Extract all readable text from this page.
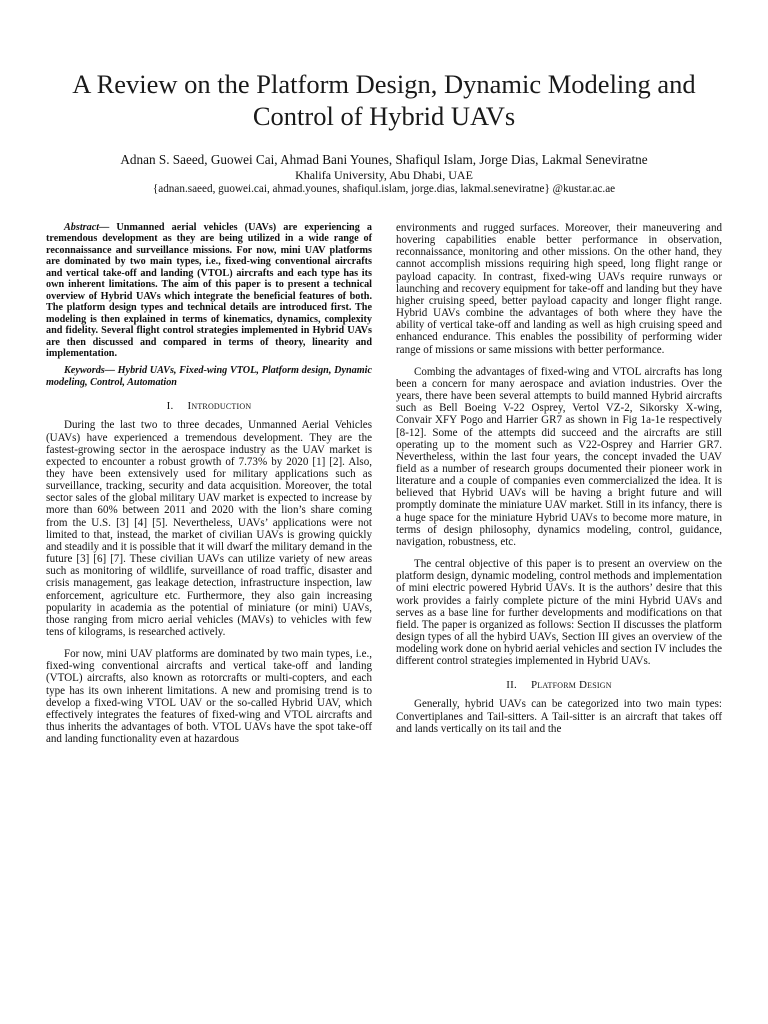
A Review on the Platform Design, Dynamic Modeling and Control of Hybrid UAVs
Adnan S. Saeed, Guowei Cai, Ahmad Bani Younes, Shafiqul Islam, Jorge Dias, Lakmal Seneviratne
Khalifa University, Abu Dhabi, UAE
{adnan.saeed, guowei.cai, ahmad.younes, shafiqul.islam, jorge.dias, lakmal.seneviratne} @kustar.ac.ae

Abstract— Unmanned aerial vehicles (UAVs) are experiencing a tremendous development as they are being utilized in a wide range of reconnaissance and surveillance missions. For now, mini UAV platforms are dominated by two main types, i.e., fixed-wing conventional aircrafts and vertical take-off and landing (VTOL) aircrafts and each type has its own inherent limitations. The aim of this paper is to present a technical overview of Hybrid UAVs which integrate the beneficial features of both. The platform design types and technical details are introduced first. The modeling is then explained in terms of kinematics, dynamics, complexity and fidelity. Several flight control strategies implemented in Hybrid UAVs are then discussed and compared in terms of theory, linearity and implementation.

Keywords— Hybrid UAVs, Fixed-wing VTOL, Platform design, Dynamic modeling, Control, Automation

I. Introduction

During the last two to three decades, Unmanned Aerial Vehicles (UAVs) have experienced a tremendous development. They are the fastest-growing sector in the aerospace industry as the UAV market is expected to encounter a robust growth of 7.73% by 2020 [1] [2]. Also, they have been extensively used for military applications such as surveillance, tracking, security and data acquisition. Moreover, the total sector sales of the global military UAV market is expected to increase by more than 60% between 2011 and 2020 with the lion’s share coming from the U.S. [3] [4] [5]. Nevertheless, UAVs’ applications were not limited to that, instead, the market of civilian UAVs is growing quickly and steadily and it is possible that it will dwarf the military demand in the future [3] [6] [7]. These civilian UAVs can utilize variety of new areas such as monitoring of wildlife, surveillance of road traffic, disaster and crisis management, gas leakage detection, infrastructure inspection, law enforcement, agriculture etc. Furthermore, they also gain increasing popularity in academia as the potential of miniature (or mini) UAVs, those ranging from micro aerial vehicles (MAVs) to vehicles with few tens of kilograms, is researched actively.

For now, mini UAV platforms are dominated by two main types, i.e., fixed-wing conventional aircrafts and vertical take-off and landing (VTOL) aircrafts, also known as rotorcrafts or multi-copters, and each type has its own inherent limitations. A new and promising trend is to develop a fixed-wing VTOL UAV or the so-called Hybrid UAV, which effectively integrates the features of fixed-wing and VTOL aircrafts and thus inherits the advantages of both. VTOL UAVs have the spot take-off and landing functionality even at hazardous

environments and rugged surfaces. Moreover, their maneuvering and hovering capabilities enable better performance in observation, reconnaissance, monitoring and other missions. On the other hand, they cannot accomplish missions requiring high speed, long flight range or payload capacity. In contrast, fixed-wing UAVs require runways or launching and recovery equipment for take-off and landing but they have higher cruising speed, better payload capacity and longer flight range. Hybrid UAVs combine the advantages of both where they have the ability of vertical take-off and landing as well as high cruising speed and enhanced endurance. This enables the possibility of performing wider range of missions or same missions with better performance.

Combing the advantages of fixed-wing and VTOL aircrafts has long been a concern for many aerospace and aviation industries. Over the years, there have been several attempts to build manned Hybrid aircrafts such as Bell Boeing V-22 Osprey, Vertol VZ-2, Sikorsky X-wing, Convair XFY Pogo and Harrier GR7 as shown in Fig 1a-1e respectively [8-12]. Some of the attempts did succeed and the aircrafts are still operating up to the moment such as V22-Osprey and Harrier GR7. Nevertheless, within the last four years, the concept invaded the UAV field as a number of research groups documented their pioneer work in literature and a couple of companies even commercialized the idea. It is believed that Hybrid UAVs will be having a bright future and will promptly dominate the miniature UAV market. Still in its infancy, there is a huge space for the miniature Hybrid UAVs to become more mature, in terms of design philosophy, dynamics modeling, control, guidance, navigation, robustness, etc.

The central objective of this paper is to present an overview on the platform design, dynamic modeling, control methods and implementation of mini electric powered Hybrid UAVs. It is the authors’ desire that this work provides a fairly complete picture of the mini Hybrid UAVs and serves as a base line for further developments and modifications on that field. The paper is organized as follows: Section II discusses the platform design types of all the hybird UAVs, Section III gives an overview of the modeling work done on hybrid aerial vehicles and section IV includes the different control strategies implemented in Hybrid UAVs.

II. Platform Design

Generally, hybrid UAVs can be categorized into two main types: Convertiplanes and Tail-sitters. A Tail-sitter is an aircraft that takes off and lands vertically on its tail and the
